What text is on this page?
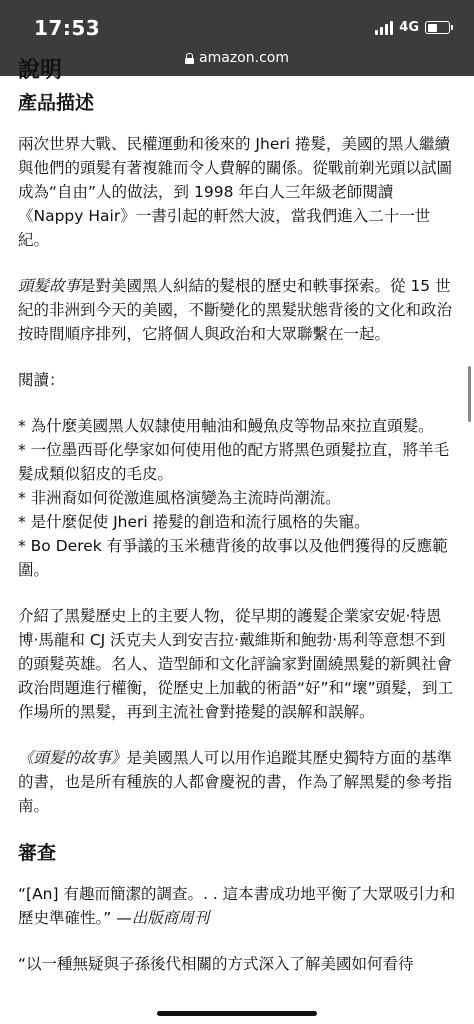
17:53	4G
amazon.com
說明
產品描述

兩次世界大戰、民權運動和後來的 Jheri 捲髮，美國的黑人繼續與他們的頭髮有著複雜而令人費解的關係。從戰前剃光頭以試圖成為“自由”人的做法，到 1998 年白人三年級老師閱讀《Nappy Hair》一書引起的軒然大波，當我們進入二十一世紀。

頭髮故事是對美國黑人糾結的髮根的歷史和軼事探索。從 15 世紀的非洲到今天的美國，不斷變化的黑髮狀態背後的文化和政治按時間順序排列，它將個人與政治和大眾聯繫在一起。

閱讀：

* 為什麼美國黑人奴隸使用軸油和鰻魚皮等物品來拉直頭髮。
* 一位墨西哥化學家如何使用他的配方將黑色頭髮拉直，將羊毛髮成類似貂皮的毛皮。
* 非洲裔如何從激進風格演變為主流時尚潮流。
* 是什麼促使 Jheri 捲髮的創造和流行風格的失寵。
* Bo Derek 有爭議的玉米穗背後的故事以及他們獲得的反應範圍。

介紹了黑髮歷史上的主要人物，從早期的護髮企業家安妮·特恩博·馬龍和 CJ 沃克夫人到安吉拉·戴維斯和鮑勃·馬利等意想不到的頭髮英雄。名人、造型師和文化評論家對圍繞黑髮的新興社會政治問題進行權衡，從歷史上加載的術語“好”和“壞”頭髮，到工作場所的黑髮，再到主流社會對捲髮的誤解和誤解。

《頭髮的故事》是美國黑人可以用作追蹤其歷史獨特方面的基準的書，也是所有種族的人都會慶祝的書，作為了解黑髮的參考指南。

審查

“[An] 有趣而簡潔的調查。. . 這本書成功地平衡了大眾吸引力和歷史準確性。” —出版商周刊

“以一種無疑與子孫後代相關的方式深入了解美國如何看待
